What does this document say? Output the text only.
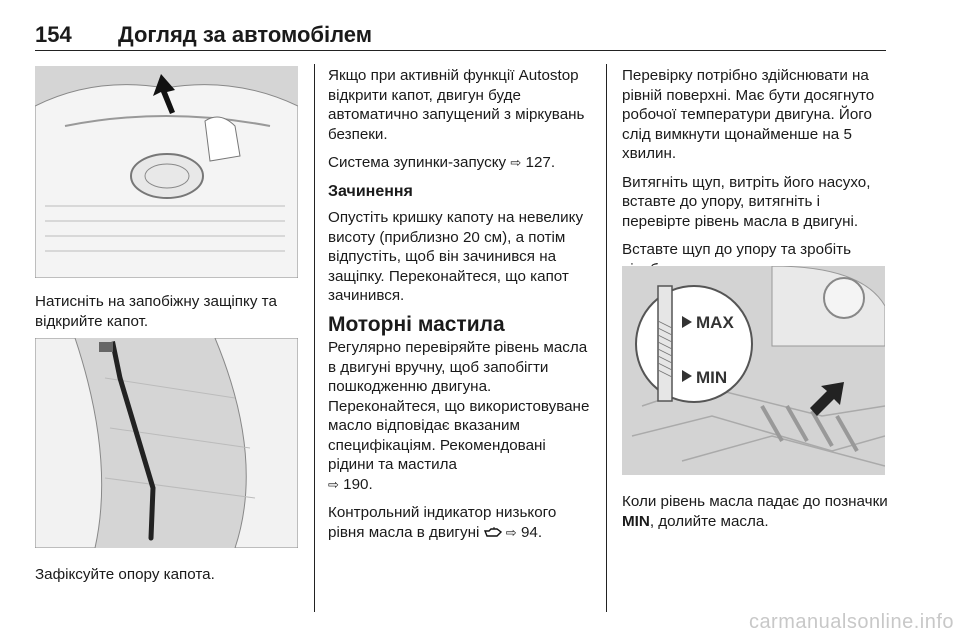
154 Догляд за автомобілем
Натисніть на запобіжну защіпку та відкрийте капот.
Зафіксуйте опору капота.

Якщо при активній функції Autostop відкрити капот, двигун буде автоматично запущений з міркувань безпеки.

Система зупинки-запуску ⇨ 127.

Зачинення

Опустіть кришку капоту на невелику висоту (приблизно 20 см), а потім відпустіть, щоб він зачинився на защіпку. Переконайтеся, що капот зачинився.

Моторні мастила

Регулярно перевіряйте рівень масла в двигуні вручну, щоб запобігти пошкодженню двигуна. Переконайтеся, що використовуване масло відповідає вказаним специфікаціям. Рекомендовані рідини та мастила
⇨ 190.

Контрольний індикатор низького рівня масла в двигуні ⇨ 94.

Перевірку потрібно здійснювати на рівній поверхні. Має бути досягнуто робочої температури двигуна. Його слід вимкнути щонайменше на 5 хвилин.

Витягніть щуп, витріть його насухо, вставте до упору, витягніть і перевірте рівень масла в двигуні.

Вставте щуп до упору та зробіть

MAX
MIN

Коли рівень масла падає до позначки MIN, долийте масла.

carmanualsonline.info
